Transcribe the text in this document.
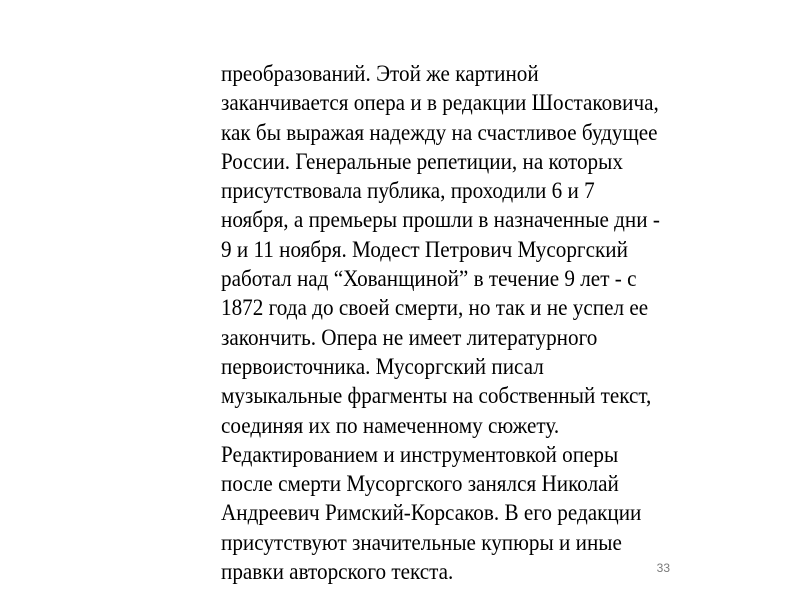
преобразований. Этой же картиной
заканчивается опера и в редакции Шостаковича,
как бы выражая надежду на счастливое будущее
России. Генеральные репетиции, на которых
присутствовала публика, проходили 6 и 7
ноября, а премьеры прошли в назначенные дни -
9 и 11 ноября. Модест Петрович Мусоргский
работал над “Хованщиной” в течение 9 лет - с
1872 года до своей смерти, но так и не успел ее
закончить. Опера не имеет литературного
первоисточника. Мусоргский писал
музыкальные фрагменты на собственный текст,
соединяя их по намеченному сюжету.
Редактированием и инструментовкой оперы
после смерти Мусоргского занялся Николай
Андреевич Римский-Корсаков. В его редакции
присутствуют значительные купюры и иные
правки авторского текста.	33
